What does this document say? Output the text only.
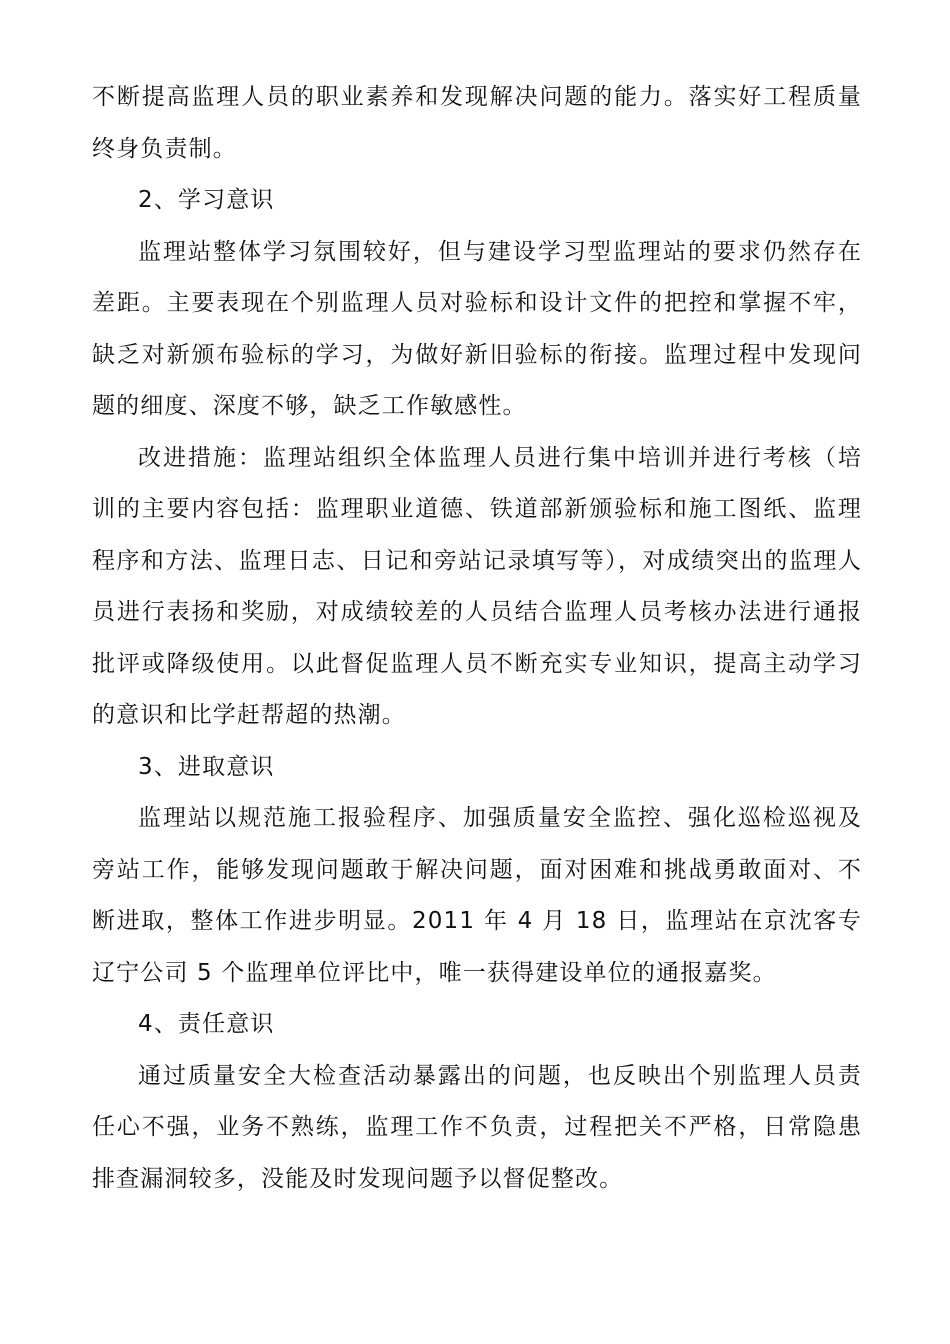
不断提高监理人员的职业素养和发现解决问题的能力。落实好工程质量终身负责制。

2、学习意识

监理站整体学习氛围较好，但与建设学习型监理站的要求仍然存在差距。主要表现在个别监理人员对验标和设计文件的把控和掌握不牢，缺乏对新颁布验标的学习，为做好新旧验标的衔接。监理过程中发现问题的细度、深度不够，缺乏工作敏感性。

改进措施：监理站组织全体监理人员进行集中培训并进行考核（培训的主要内容包括：监理职业道德、铁道部新颁验标和施工图纸、监理程序和方法、监理日志、日记和旁站记录填写等），对成绩突出的监理人员进行表扬和奖励，对成绩较差的人员结合监理人员考核办法进行通报批评或降级使用。以此督促监理人员不断充实专业知识，提高主动学习的意识和比学赶帮超的热潮。

3、进取意识

监理站以规范施工报验程序、加强质量安全监控、强化巡检巡视及旁站工作，能够发现问题敢于解决问题，面对困难和挑战勇敢面对、不断进取，整体工作进步明显。2011 年 4 月 18 日，监理站在京沈客专辽宁公司 5 个监理单位评比中，唯一获得建设单位的通报嘉奖。

4、责任意识

通过质量安全大检查活动暴露出的问题，也反映出个别监理人员责任心不强，业务不熟练，监理工作不负责，过程把关不严格，日常隐患排查漏洞较多，没能及时发现问题予以督促整改。
